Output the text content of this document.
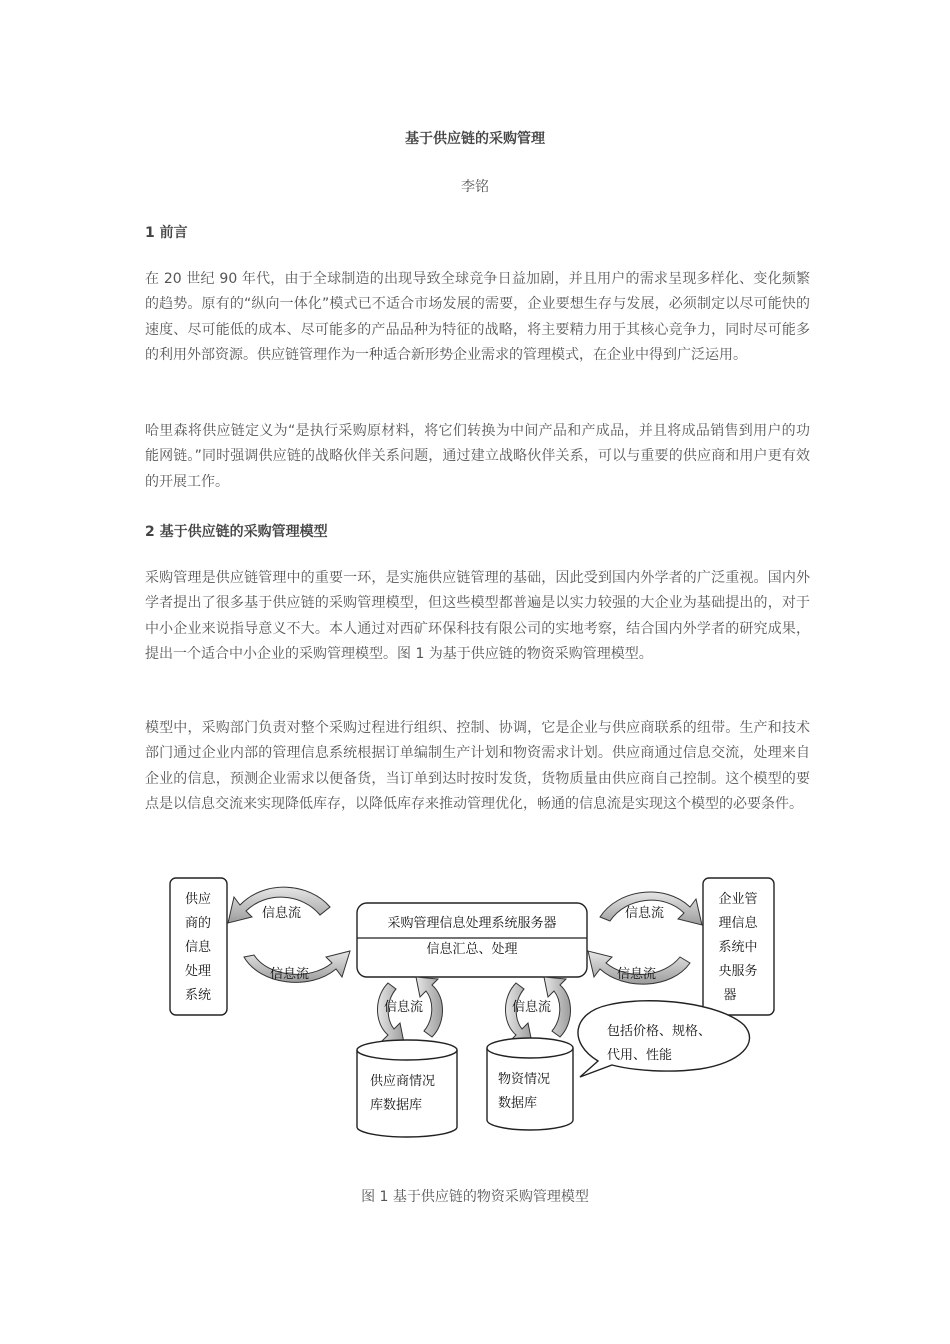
基于供应链的采购管理
李铭
1 前言
在 20 世纪 90 年代，由于全球制造的出现导致全球竞争日益加剧，并且用户的需求呈现多样化、变化频繁的趋势。原有的“纵向一体化”模式已不适合市场发展的需要，企业要想生存与发展，必须制定以尽可能快的速度、尽可能低的成本、尽可能多的产品品种为特征的战略，将主要精力用于其核心竞争力，同时尽可能多的利用外部资源。供应链管理作为一种适合新形势企业需求的管理模式，在企业中得到广泛运用。
哈里森将供应链定义为“是执行采购原材料，将它们转换为中间产品和产成品，并且将成品销售到用户的功能网链。”同时强调供应链的战略伙伴关系问题，通过建立战略伙伴关系，可以与重要的供应商和用户更有效的开展工作。
2 基于供应链的采购管理模型
采购管理是供应链管理中的重要一环，是实施供应链管理的基础，因此受到国内外学者的广泛重视。国内外学者提出了很多基于供应链的采购管理模型，但这些模型都普遍是以实力较强的大企业为基础提出的，对于中小企业来说指导意义不大。本人通过对西矿环保科技有限公司的实地考察，结合国内外学者的研究成果，提出一个适合中小企业的采购管理模型。图 1 为基于供应链的物资采购管理模型。
模型中，采购部门负责对整个采购过程进行组织、控制、协调，它是企业与供应商联系的纽带。生产和技术部门通过企业内部的管理信息系统根据订单编制生产计划和物资需求计划。供应商通过信息交流，处理来自企业的信息，预测企业需求以便备货，当订单到达时按时发货，货物质量由供应商自己控制。这个模型的要点是以信息交流来实现降低库存，以降低库存来推动管理优化，畅通的信息流是实现这个模型的必要条件。
供应
商的
信息
处理
系统
企业管
理信息
系统中
央服务
器
采购管理信息处理系统服务器
信息汇总、处理
信息流
信息流
信息流
信息流
信息流	信息流
供应商情况
库数据库
物资情况
数据库
包括价格、规格、
代用、性能
图 1 基于供应链的物资采购管理模型
